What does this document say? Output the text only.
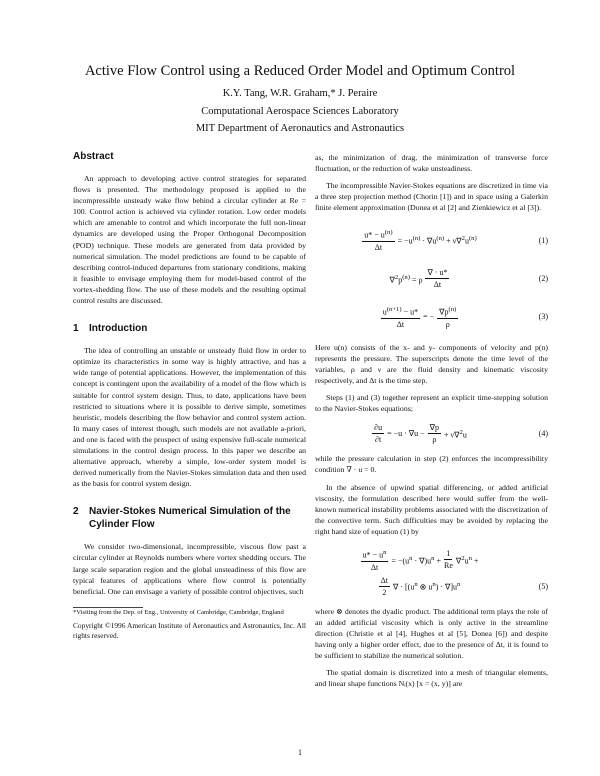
Active Flow Control using a Reduced Order Model and Optimum Control
K.Y. Tang, W.R. Graham,* J. Peraire
Computational Aerospace Sciences Laboratory
MIT Department of Aeronautics and Astronautics
Abstract

An approach to developing active control strategies for separated flows is presented. The methodology proposed is applied to the incompressible unsteady wake flow behind a circular cylinder at Re = 100. Control action is achieved via cylinder rotation. Low order models which are amenable to control and which incorporate the full non-linear dynamics are developed using the Proper Orthogonal Decomposition (POD) technique. These models are generated from data provided by numerical simulation. The model predictions are found to be capable of describing control-induced departures from stationary conditions, making it feasible to envisage employing them for model-based control of the vortex-shedding flow. The use of these models and the resulting optimal control results are discussed.

1 Introduction

The idea of controlling an unstable or unsteady fluid flow in order to optimize its characteristics in some way is highly attractive, and has a wide range of potential applications. However, the implementation of this concept is contingent upon the availability of a model of the flow which is suitable for control system design. Thus, to date, applications have been restricted to situations where it is possible to derive simple, sometimes heuristic, models describing the flow behavior and control system action. In many cases of interest though, such models are not available a-priori, and one is faced with the prospect of using expensive full-scale numerical simulations in the control design process. In this paper we describe an alternative approach, whereby a simple, low-order system model is derived numerically from the Navier-Stokes simulation data and then used as the basis for control system design.

2	Navier-Stokes Numerical Simulation of the Cylinder Flow

We consider two-dimensional, incompressible, viscous flow past a circular cylinder at Reynolds numbers where vortex shedding occurs. The large scale separation region and the global unsteadiness of this flow are typical features of applications where flow control is potentially beneficial. One can envisage a variety of possible control objectives, such

*Visiting from the Dep. of Eng., University of Cambridge, Cambridge, England
Copyright ©1996 American Institute of Aeronautics and Astronautics, Inc. All rights reserved.

as, the minimization of drag, the minimization of transverse force fluctuation, or the reduction of wake unsteadiness.

The incompressible Navier-Stokes equations are discretized in time via a three step projection method (Chorin [1]) and in space using a Galerkin finite element approximation (Donea et al [2] and Zienkiewicz et al [3]).

$\frac{u* - u^{(n)}}{\Delta t} = -u^{(n)} \cdot \nabla u^{(n)} + \nu\nabla^2u^{(n)}$	(1)
$\nabla^2p^{(n)} = \rho \frac{\nabla \cdot u*}{\Delta t}$	(2)
$\frac{u^{(n+1)} - u*}{\Delta t}$ = − $\frac{\nabla p^{(n)}}{\rho}$	(3)

Here u(n) consists of the x- and y- components of velocity and p(n) represents the pressure. The superscripts denote the time level of the variables, ρ and ν are the fluid density and kinematic viscosity respectively, and Δt is the time step.

Steps (1) and (3) together represent an explicit time-stepping solution to the Navier-Stokes equations;

$\frac{\partial u}{\partial t} = -u \cdot \nabla u - \frac{\nabla p}{\rho} + \nu\nabla^2u$	(4)

while the pressure calculation in step (2) enforces the incompressibility condition ∇ · u = 0.

In the absence of upwind spatial differencing, or added artificial viscosity, the formulation described here would suffer from the well-known numerical instability problems associated with the discretization of the convective term. Such difficulties may be avoided by replacing the right hand size of equation (1) by

$\frac{u* - u^n}{\Delta t} = -(u^n \cdot \nabla)u^n + \frac{1}{Re} \nabla^2u^n$ +
$\frac{\Delta t}{2}$ ∇ · [($u^n$ ⊗ $u^n) \cdot \nabla]u^n$	(5)

where ⊗ denotes the dyadic product. The additional term plays the role of an added artificial viscosity which is only active in the streamline direction (Christie et al [4], Hughes et al [5], Donea [6]) and despite having only a higher order effect, due to the presence of Δt, it is found to be sufficient to stabilize the numerical solution.

The spatial domain is discretized into a mesh of triangular elements, and linear shape functions Nᵢ(x) [x = (x, y)] are

1
